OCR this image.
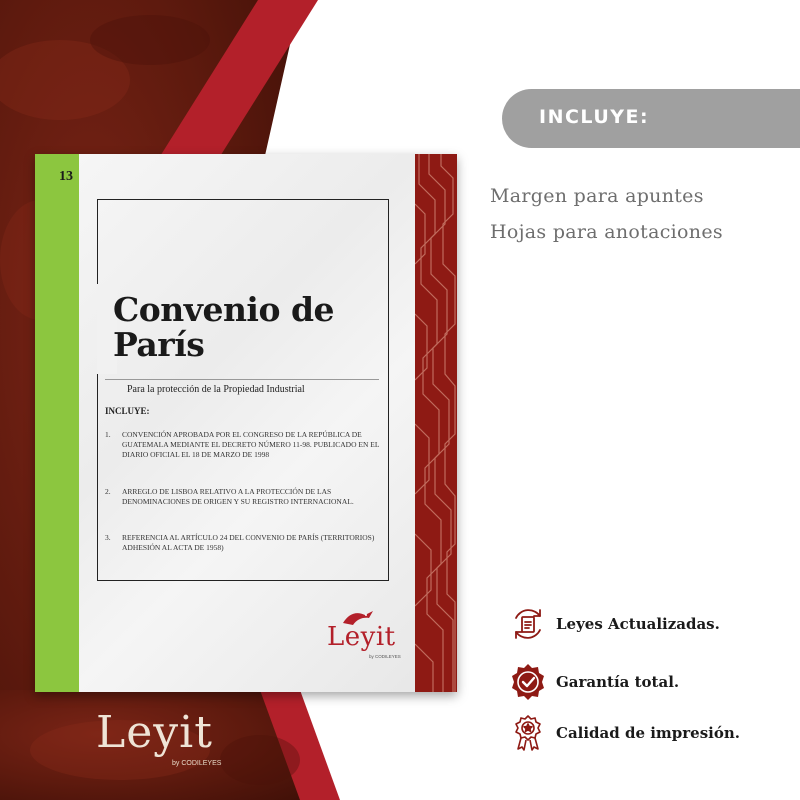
13
Convenio de
París
Para la protección de la Propiedad Industrial
INCLUYE:
1. CONVENCIÓN APROBADA POR EL CONGRESO DE LA REPÚBLICA DE GUATEMALA MEDIANTE EL DECRETO NÚMERO 11-98. PUBLICADO EN EL DIARIO OFICIAL EL 18 DE MARZO DE 1998
2. ARREGLO DE LISBOA RELATIVO A LA PROTECCIÓN DE LAS DENOMINACIONES DE ORIGEN Y SU REGISTRO INTERNACIONAL.
3. REFERENCIA AL ARTÍCULO 24 DEL CONVENIO DE PARÍS (TERRITORIOS) ADHESIÓN AL ACTA DE 1958)
Leyit
by CODILEYES
Leyit
by CODILEYES
INCLUYE:
Margen para apuntes
Hojas para anotaciones
Leyes Actualizadas.
Garantía total.
Calidad de impresión.
